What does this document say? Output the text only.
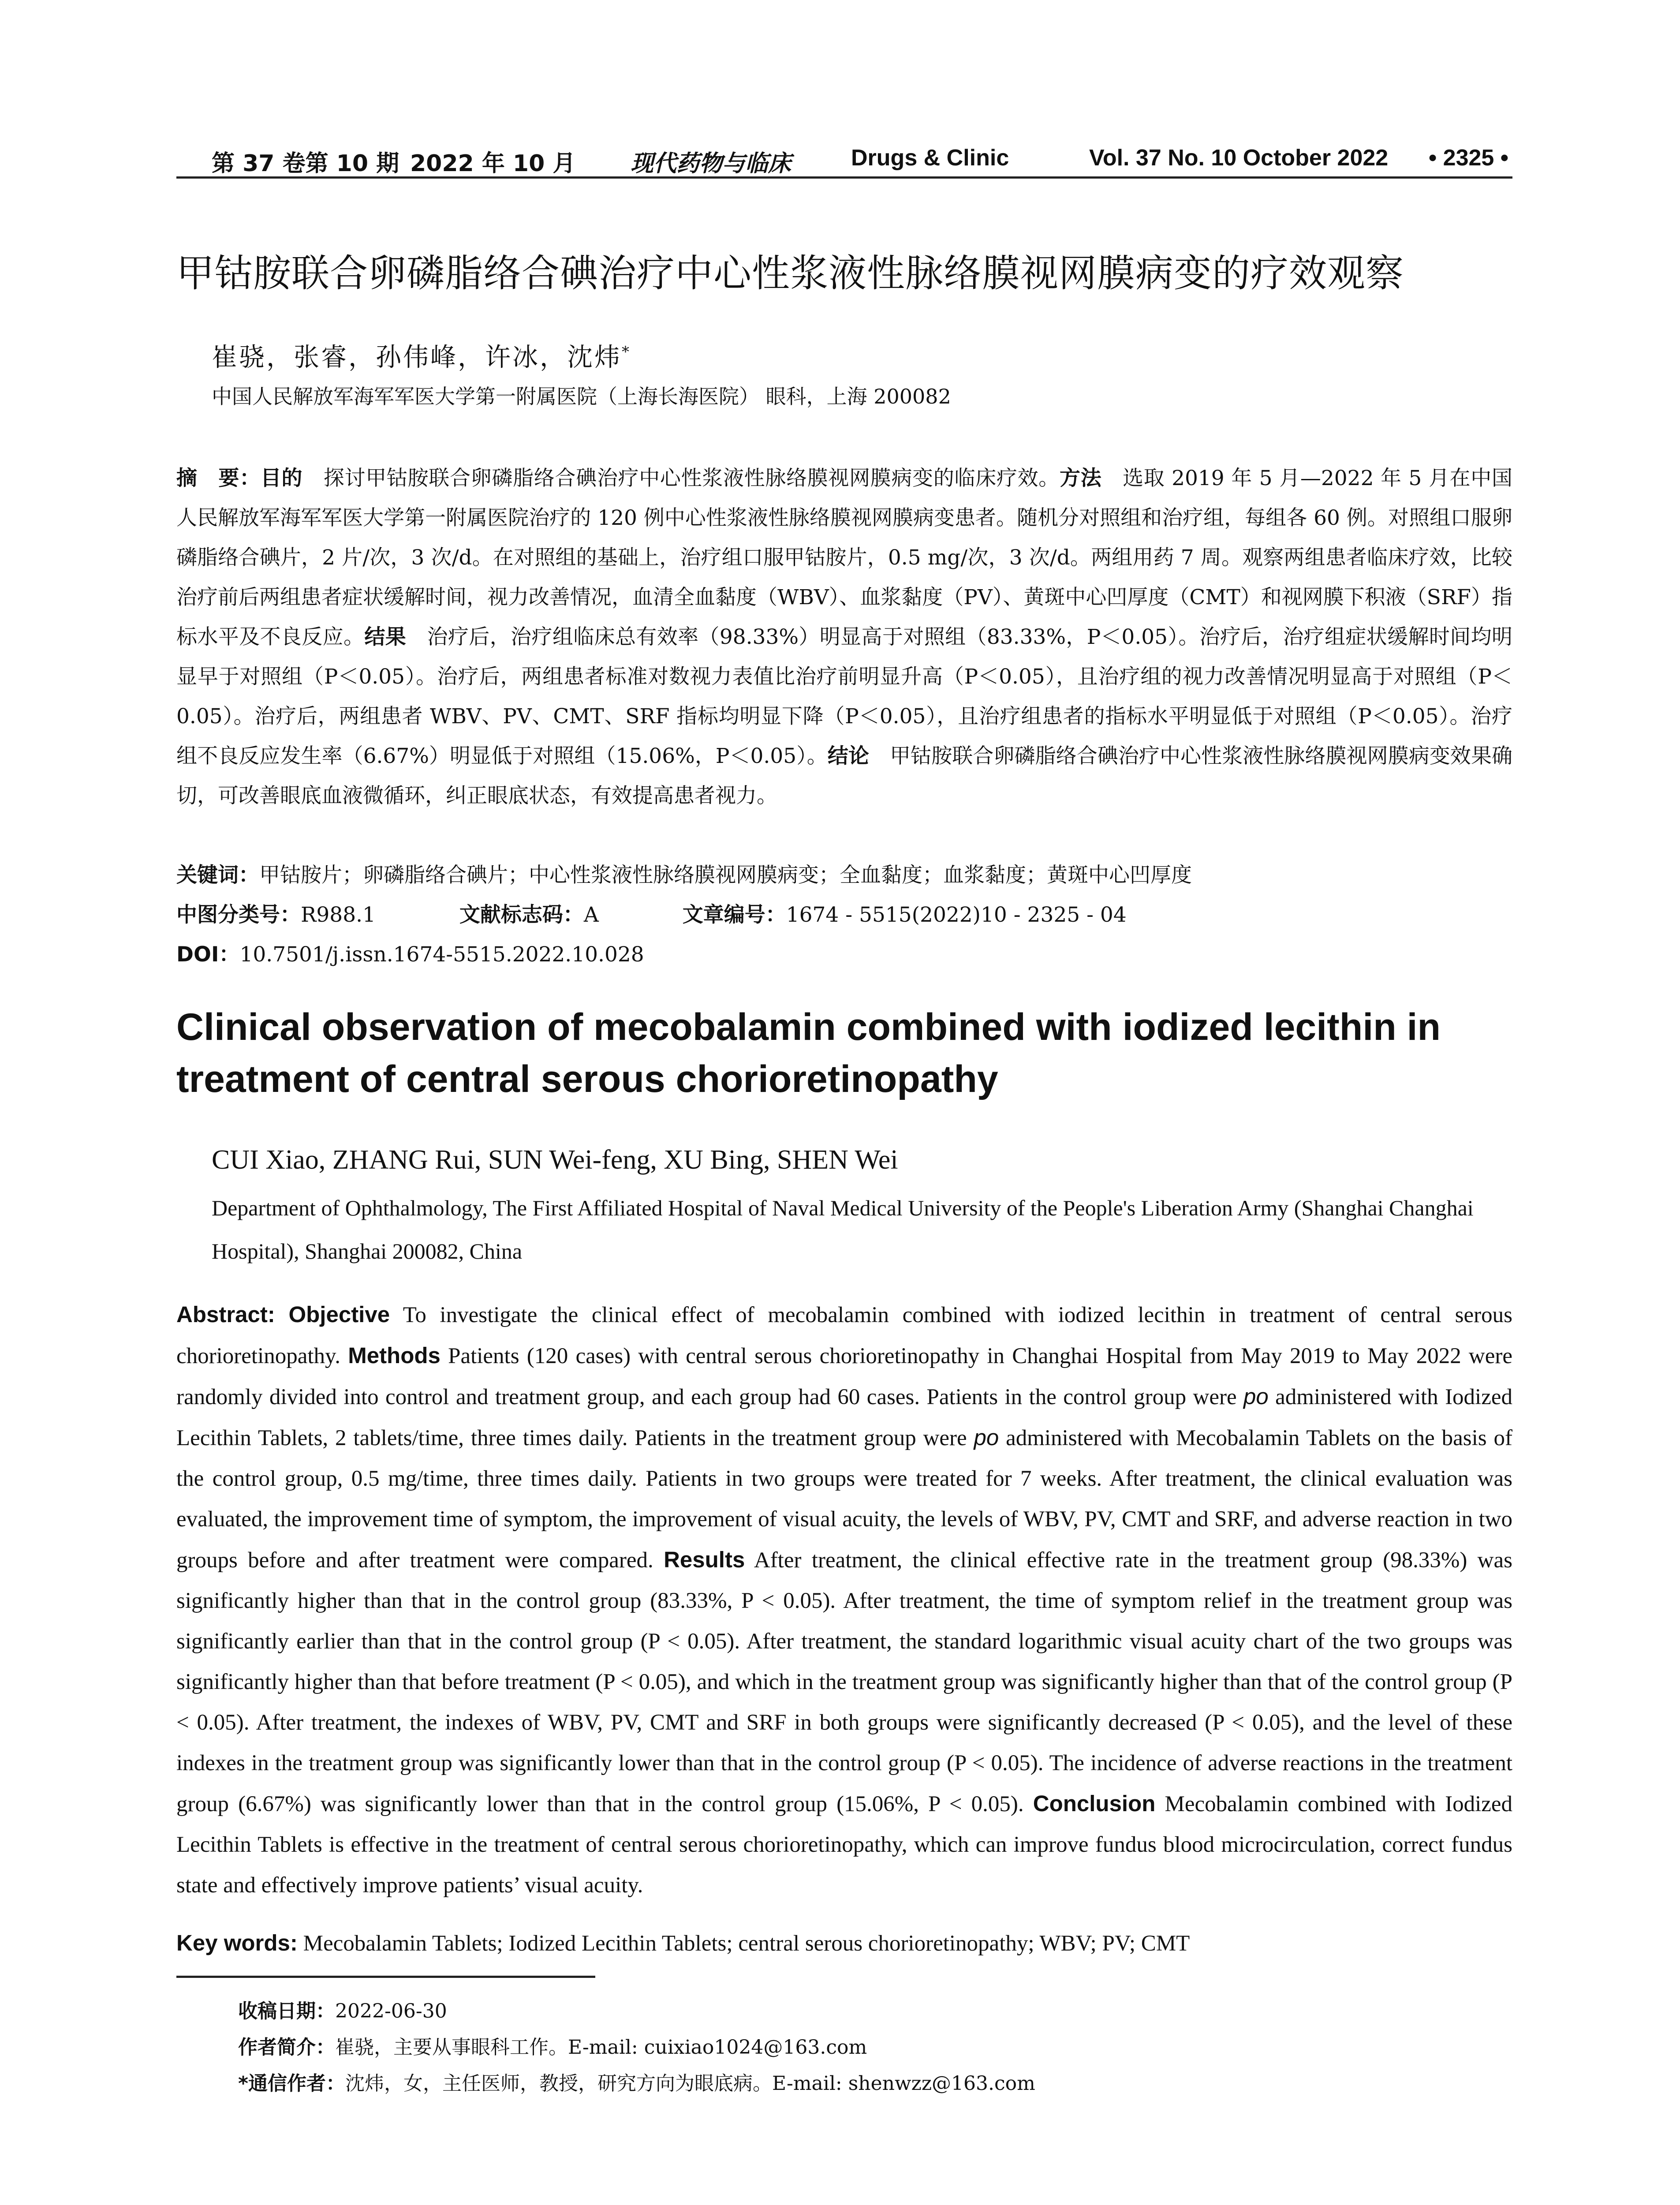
第 37 卷第 10 期 2022 年 10 月 现代药物与临床	Drugs & Clinic	Vol. 37 No. 10 October 2022 • 2325 •
甲钴胺联合卵磷脂络合碘治疗中心性浆液性脉络膜视网膜病变的疗效观察
崔骁，张睿，孙伟峰，许冰，沈炜*
中国人民解放军海军军医大学第一附属医院（上海长海医院） 眼科，上海 200082
摘　要：目的　探讨甲钴胺联合卵磷脂络合碘治疗中心性浆液性脉络膜视网膜病变的临床疗效。方法　选取 2019 年 5 月—2022 年 5 月在中国人民解放军海军军医大学第一附属医院治疗的 120 例中心性浆液性脉络膜视网膜病变患者。随机分对照组和治疗组，每组各 60 例。对照组口服卵磷脂络合碘片，2 片/次，3 次/d。在对照组的基础上，治疗组口服甲钴胺片，0.5 mg/次，3 次/d。两组用药 7 周。观察两组患者临床疗效，比较治疗前后两组患者症状缓解时间，视力改善情况，血清全血黏度（WBV）、血浆黏度（PV）、黄斑中心凹厚度（CMT）和视网膜下积液（SRF）指标水平及不良反应。结果　治疗后，治疗组临床总有效率（98.33%）明显高于对照组（83.33%，P＜0.05）。治疗后，治疗组症状缓解时间均明显早于对照组（P＜0.05）。治疗后，两组患者标准对数视力表值比治疗前明显升高（P＜0.05），且治疗组的视力改善情况明显高于对照组（P＜0.05）。治疗后，两组患者 WBV、PV、CMT、SRF 指标均明显下降（P＜0.05），且治疗组患者的指标水平明显低于对照组（P＜0.05）。治疗组不良反应发生率（6.67%）明显低于对照组（15.06%，P＜0.05）。结论　甲钴胺联合卵磷脂络合碘治疗中心性浆液性脉络膜视网膜病变效果确切，可改善眼底血液微循环，纠正眼底状态，有效提高患者视力。
关键词：甲钴胺片；卵磷脂络合碘片；中心性浆液性脉络膜视网膜病变；全血黏度；血浆黏度；黄斑中心凹厚度
中图分类号：R988.1	文献标志码：A	文章编号：1674 - 5515(2022)10 - 2325 - 04
DOI：10.7501/j.issn.1674-5515.2022.10.028
Clinical observation of mecobalamin combined with iodized lecithin in treatment of central serous chorioretinopathy
CUI Xiao, ZHANG Rui, SUN Wei-feng, XU Bing, SHEN Wei
Department of Ophthalmology, The First Affiliated Hospital of Naval Medical University of the People's Liberation Army (Shanghai Changhai Hospital), Shanghai 200082, China
Abstract: Objective To investigate the clinical effect of mecobalamin combined with iodized lecithin in treatment of central serous chorioretinopathy. Methods Patients (120 cases) with central serous chorioretinopathy in Changhai Hospital from May 2019 to May 2022 were randomly divided into control and treatment group, and each group had 60 cases. Patients in the control group were po administered with Iodized Lecithin Tablets, 2 tablets/time, three times daily. Patients in the treatment group were po administered with Mecobalamin Tablets on the basis of the control group, 0.5 mg/time, three times daily. Patients in two groups were treated for 7 weeks. After treatment, the clinical evaluation was evaluated, the improvement time of symptom, the improvement of visual acuity, the levels of WBV, PV, CMT and SRF, and adverse reaction in two groups before and after treatment were compared. Results After treatment, the clinical effective rate in the treatment group (98.33%) was significantly higher than that in the control group (83.33%, P < 0.05). After treatment, the time of symptom relief in the treatment group was significantly earlier than that in the control group (P < 0.05). After treatment, the standard logarithmic visual acuity chart of the two groups was significantly higher than that before treatment (P < 0.05), and which in the treatment group was significantly higher than that of the control group (P < 0.05). After treatment, the indexes of WBV, PV, CMT and SRF in both groups were significantly decreased (P < 0.05), and the level of these indexes in the treatment group was significantly lower than that in the control group (P < 0.05). The incidence of adverse reactions in the treatment group (6.67%) was significantly lower than that in the control group (15.06%, P < 0.05). Conclusion Mecobalamin combined with Iodized Lecithin Tablets is effective in the treatment of central serous chorioretinopathy, which can improve fundus blood microcirculation, correct fundus state and effectively improve patients’ visual acuity.
Key words: Mecobalamin Tablets; Iodized Lecithin Tablets; central serous chorioretinopathy; WBV; PV; CMT
收稿日期：2022-06-30
作者简介：崔骁，主要从事眼科工作。E-mail: cuixiao1024@163.com
*通信作者：沈炜，女，主任医师，教授，研究方向为眼底病。E-mail: shenwzz@163.com
